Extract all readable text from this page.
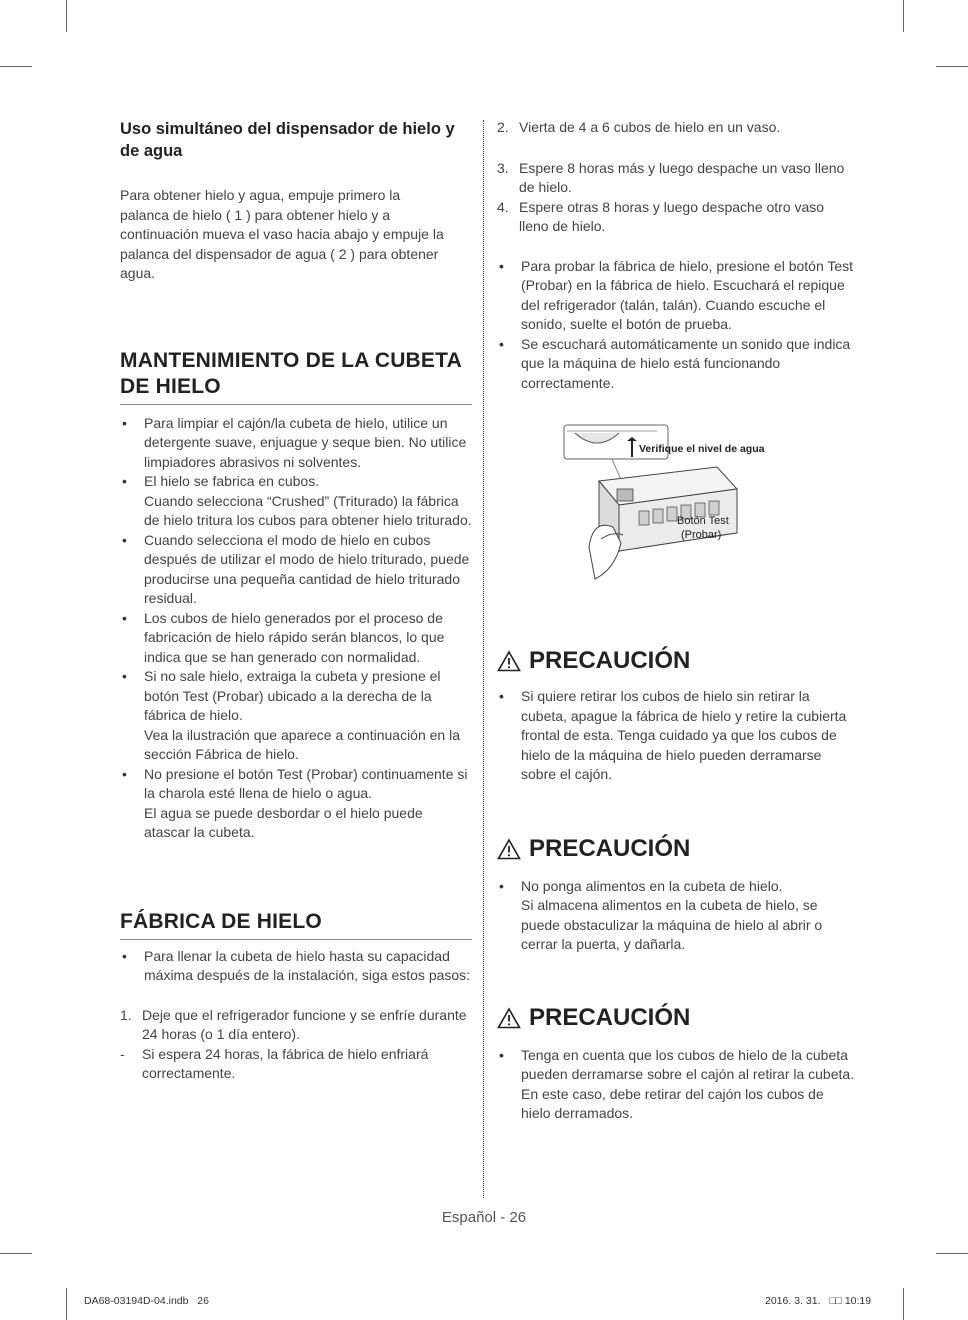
Uso simultáneo del dispensador de hielo y de agua

Para obtener hielo y agua, empuje primero la palanca de hielo ( 1 ) para obtener hielo y a continuación mueva el vaso hacia abajo y empuje la palanca del dispensador de agua ( 2 ) para obtener agua.

MANTENIMIENTO DE LA CUBETA
DE HIELO
• Para limpiar el cajón/la cubeta de hielo, utilice un detergente suave, enjuague y seque bien. No utilice limpiadores abrasivos ni solventes.
• El hielo se fabrica en cubos.
Cuando selecciona “Crushed” (Triturado) la fábrica de hielo tritura los cubos para obtener hielo triturado.
• Cuando selecciona el modo de hielo en cubos después de utilizar el modo de hielo triturado, puede producirse una pequeña cantidad de hielo triturado residual.
• Los cubos de hielo generados por el proceso de fabricación de hielo rápido serán blancos, lo que indica que se han generado con normalidad.
• Si no sale hielo, extraiga la cubeta y presione el botón Test (Probar) ubicado a la derecha de la fábrica de hielo.
Vea la ilustración que aparece a continuación en la sección Fábrica de hielo.
• No presione el botón Test (Probar) continuamente si la charola esté llena de hielo o agua.
El agua se puede desbordar o el hielo puede atascar la cubeta.
FÁBRICA DE HIELO
• Para llenar la cubeta de hielo hasta su capacidad máxima después de la instalación, siga estos pasos:
1. Deje que el refrigerador funcione y se enfríe durante 24 horas (o 1 día entero).
-	Si espera 24 horas, la fábrica de hielo enfriará correctamente.
2. Vierta de 4 a 6 cubos de hielo en un vaso.
3. Espere 8 horas más y luego despache un vaso lleno de hielo.
4. Espere otras 8 horas y luego despache otro vaso lleno de hielo.
• Para probar la fábrica de hielo, presione el botón Test (Probar) en la fábrica de hielo. Escuchará el repique del refrigerador (talán, talán). Cuando escuche el sonido, suelte el botón de prueba.
• Se escuchará automáticamente un sonido que indica que la máquina de hielo está funcionando correctamente.
Verifique el nivel de agua
Botón Test
(Probar)
PRECAUCIÓN
• Si quiere retirar los cubos de hielo sin retirar la cubeta, apague la fábrica de hielo y retire la cubierta frontal de esta. Tenga cuidado ya que los cubos de hielo de la máquina de hielo pueden derramarse sobre el cajón.
PRECAUCIÓN
• No ponga alimentos en la cubeta de hielo.
Si almacena alimentos en la cubeta de hielo, se puede obstaculizar la máquina de hielo al abrir o cerrar la puerta, y dañarla.
PRECAUCIÓN
• Tenga en cuenta que los cubos de hielo de la cubeta pueden derramarse sobre el cajón al retirar la cubeta. En este caso, debe retirar del cajón los cubos de hielo derramados.
Español - 26
DA68-03194D-04.indb   26	2016. 3. 31.   □□ 10:19
